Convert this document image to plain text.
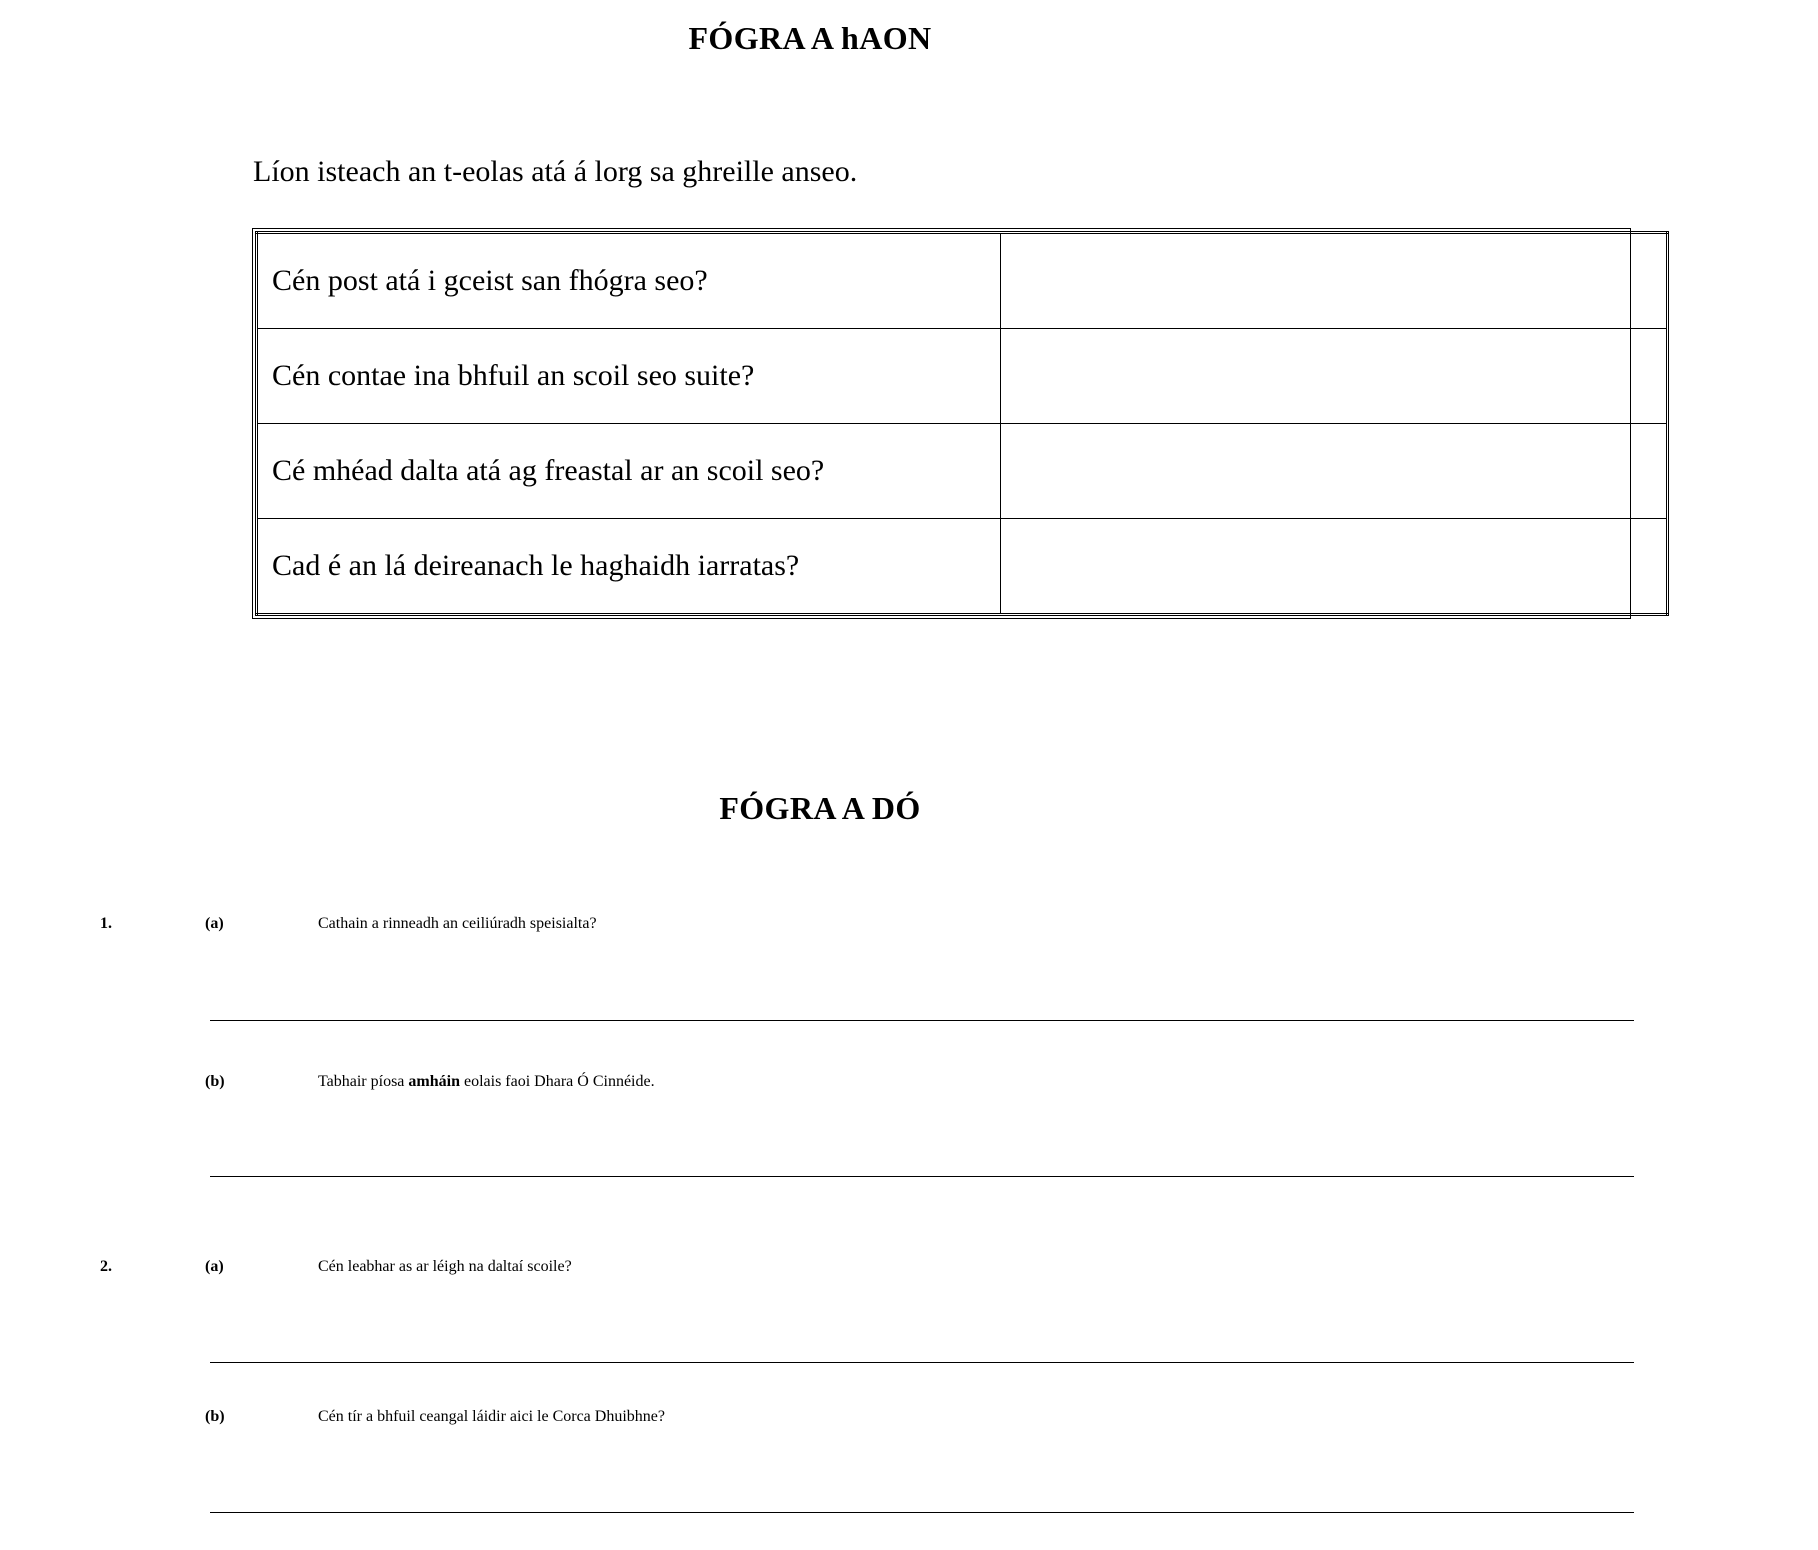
FÓGRA A hAON
Líon isteach an t-eolas atá á lorg sa ghreille anseo.
Cén post atá i gceist san fhógra seo?	
Cén contae ina bhfuil an scoil seo suite?	
Cé mhéad dalta atá ag freastal ar an scoil seo?	
Cad é an lá deireanach le haghaidh iarratas?	
FÓGRA A DÓ
1.	(a)	Cathain a rinneadh an ceiliúradh speisialta?
(b)	Tabhair píosa amháin eolais faoi Dhara Ó Cinnéide.
2.	(a)	Cén leabhar as ar léigh na daltaí scoile?
(b)	Cén tír a bhfuil ceangal láidir aici le Corca Dhuibhne?
